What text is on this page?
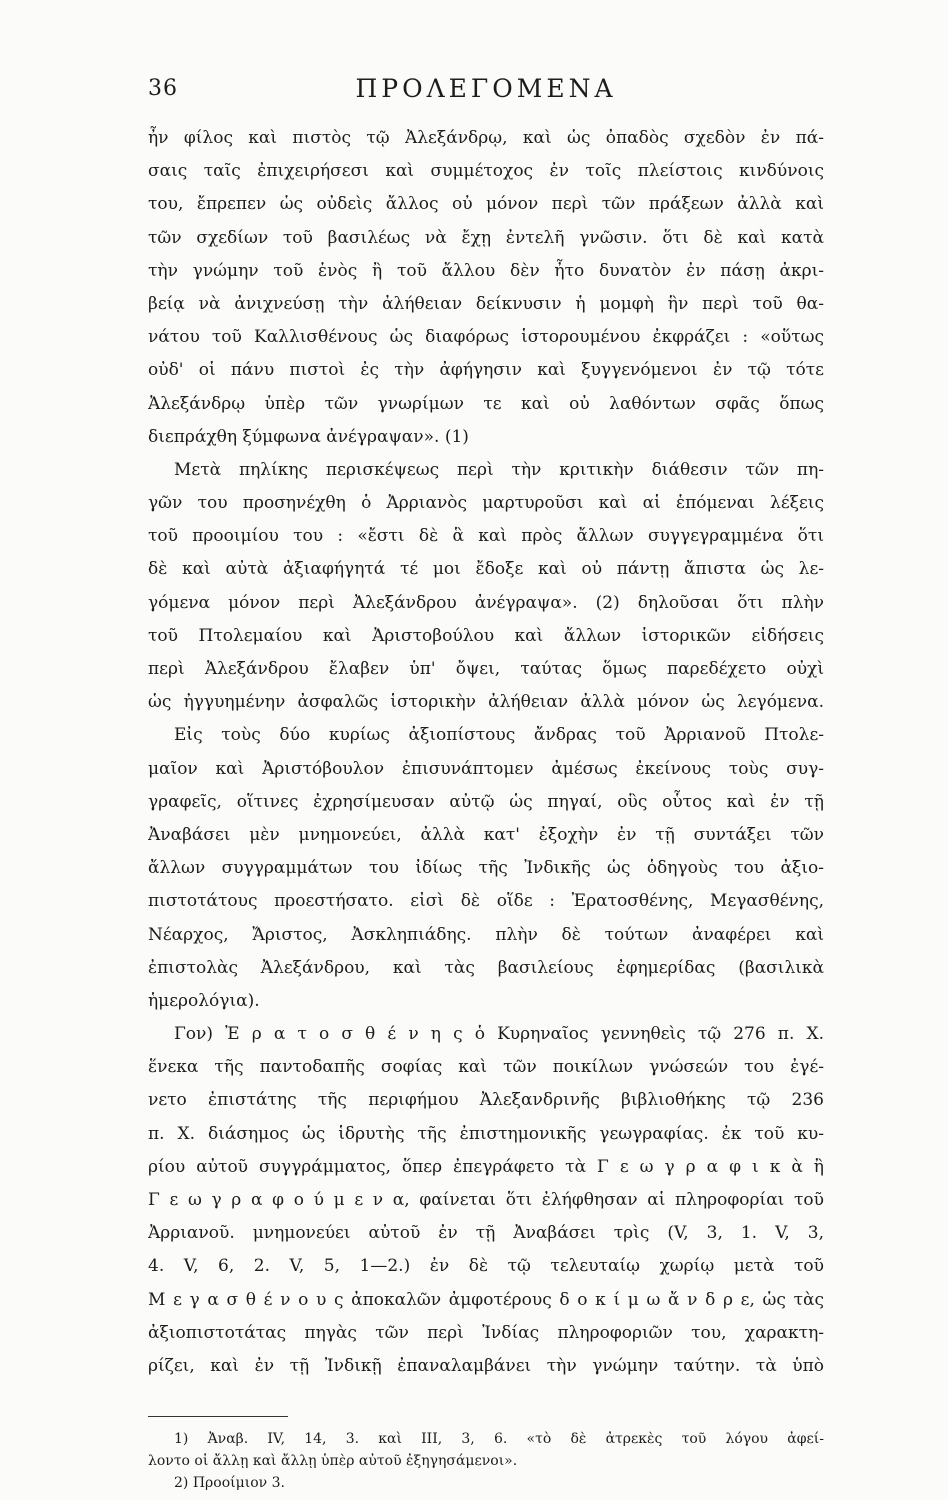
36	ΠΡΟΛΕΓΟΜΕΝΑ
ἦν φίλος καὶ πιστὸς τῷ Ἀλεξάνδρῳ, καὶ ὡς ὀπαδὸς σχεδὸν ἐν πά-
σαις ταῖς ἐπιχειρήσεσι καὶ συμμέτοχος ἐν τοῖς πλείστοις κινδύνοις
του, ἔπρεπεν ὡς οὐδεὶς ἄλλος οὐ μόνον περὶ τῶν πράξεων ἀλλὰ καὶ
τῶν σχεδίων τοῦ βασιλέως νὰ ἔχῃ ἐντελῆ γνῶσιν. ὅτι δὲ καὶ κατὰ
τὴν γνώμην τοῦ ἑνὸς ἢ τοῦ ἄλλου δὲν ἦτο δυνατὸν ἐν πάσῃ ἀκρι-
βείᾳ νὰ ἀνιχνεύσῃ τὴν ἀλήθειαν δείκνυσιν ἡ μομφὴ ἣν περὶ τοῦ θα-
νάτου τοῦ Καλλισθένους ὡς διαφόρως ἱστορουμένου ἐκφράζει : «οὕτως
οὐδ' οἱ πάνυ πιστοὶ ἐς τὴν ἀφήγησιν καὶ ξυγγενόμενοι ἐν τῷ τότε
Ἀλεξάνδρῳ ὑπὲρ τῶν γνωρίμων τε καὶ οὐ λαθόντων σφᾶς ὅπως
διεπράχθη ξύμφωνα ἀνέγραψαν». (1)
Μετὰ πηλίκης περισκέψεως περὶ τὴν κριτικὴν διάθεσιν τῶν πη-
γῶν του προσηνέχθη ὁ Ἀρριανὸς μαρτυροῦσι καὶ αἱ ἑπόμεναι λέξεις
τοῦ προοιμίου του : «ἔστι δὲ ἃ καὶ πρὸς ἄλλων συγγεγραμμένα ὅτι
δὲ καὶ αὐτὰ ἀξιαφήγητά τέ μοι ἔδοξε καὶ οὐ πάντῃ ἄπιστα ὡς λε-
γόμενα μόνον περὶ Ἀλεξάνδρου ἀνέγραψα». (2) δηλοῦσαι ὅτι πλὴν
τοῦ Πτολεμαίου καὶ Ἀριστοβούλου καὶ ἄλλων ἱστορικῶν εἰδήσεις
περὶ Ἀλεξάνδρου ἔλαβεν ὑπ' ὄψει, ταύτας ὅμως παρεδέχετο οὐχὶ
ὡς ἠγγυημένην ἀσφαλῶς ἱστορικὴν ἀλήθειαν ἀλλὰ μόνον ὡς λεγόμενα.
Εἰς τοὺς δύο κυρίως ἀξιοπίστους ἄνδρας τοῦ Ἀρριανοῦ Πτολε-
μαῖον καὶ Ἀριστόβουλον ἐπισυνάπτομεν ἀμέσως ἐκείνους τοὺς συγ-
γραφεῖς, οἵτινες ἐχρησίμευσαν αὐτῷ ὡς πηγαί, οὓς οὗτος καὶ ἐν τῇ
Ἀναβάσει μὲν μνημονεύει, ἀλλὰ κατ' ἐξοχὴν ἐν τῇ συντάξει τῶν
ἄλλων συγγραμμάτων του ἰδίως τῆς Ἰνδικῆς ὡς ὁδηγοὺς του ἀξιο-
πιστοτάτους προεστήσατο. εἰσὶ δὲ οἵδε : Ἐρατοσθένης, Μεγασθένης,
Νέαρχος, Ἄριστος, Ἀσκληπιάδης. πλὴν δὲ τούτων ἀναφέρει καὶ
ἐπιστολὰς Ἀλεξάνδρου, καὶ τὰς βασιλείους ἐφημερίδας (βασιλικὰ
ἡμερολόγια).
Γον) Ἐ ρ α τ ο σ θ έ ν η ς ὁ Κυρηναῖος γεννηθεὶς τῷ 276 π. Χ.
ἕνεκα τῆς παντοδαπῆς σοφίας καὶ τῶν ποικίλων γνώσεών του ἐγέ-
νετο ἐπιστάτης τῆς περιφήμου Ἀλεξανδρινῆς βιβλιοθήκης τῷ 236
π. Χ. διάσημος ὡς ἱδρυτὴς τῆς ἐπιστημονικῆς γεωγραφίας. ἐκ τοῦ κυ-
ρίου αὐτοῦ συγγράμματος, ὅπερ ἐπεγράφετο τὰ Γ ε ω γ ρ α φ ι κ ὰ ἢ
Γ ε ω γ ρ α φ ο ύ μ ε ν α, φαίνεται ὅτι ἐλήφθησαν αἱ πληροφορίαι τοῦ
Ἀρριανοῦ. μνημονεύει αὐτοῦ ἐν τῇ Ἀναβάσει τρὶς (V, 3, 1. V, 3,
4. V, 6, 2. V, 5, 1—2.) ἐν δὲ τῷ τελευταίῳ χωρίῳ μετὰ τοῦ
Μ ε γ α σ θ έ ν ο υ ς ἀποκαλῶν ἀμφοτέρους δ ο κ ί μ ω ἄ ν δ ρ ε, ὡς τὰς
ἀξιοπιστοτάτας πηγὰς τῶν περὶ Ἰνδίας πληροφοριῶν του, χαρακτη-
ρίζει, καὶ ἐν τῇ Ἰνδικῇ ἐπαναλαμβάνει τὴν γνώμην ταύτην. τὰ ὑπὸ
1) Ἀναβ. IV, 14, 3. καὶ III, 3, 6. «τὸ δὲ ἀτρεκὲς τοῦ λόγου ἀφεί-
λοντο οἱ ἄλλῃ καὶ ἄλλῃ ὑπὲρ αὐτοῦ ἐξηγησάμενοι».
2) Προοίμιον 3.
